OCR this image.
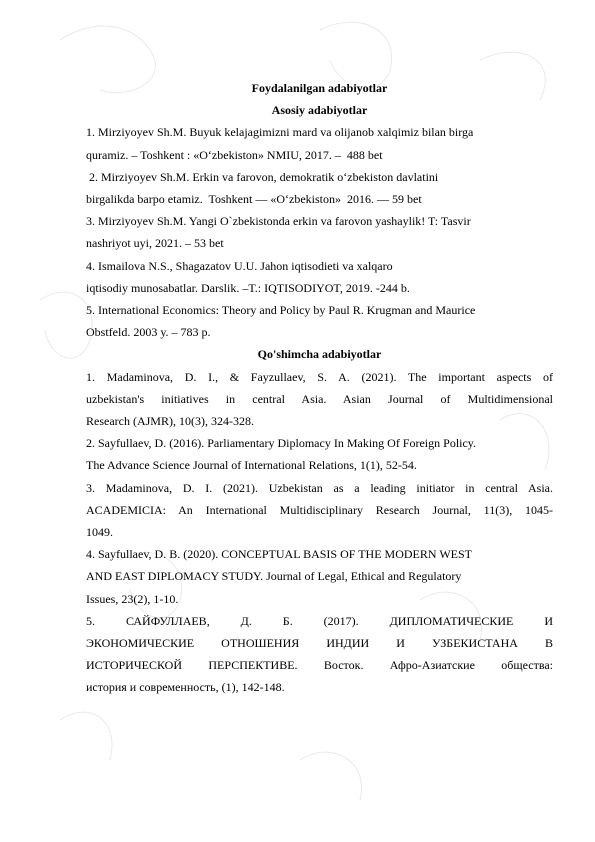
Foydalanilgan adabiyotlar

Asosiy adabiyotlar

1. Mirziyoyev Sh.M. Buyuk kelajagimizni mard va olijanob xalqimiz bilan birga
quramiz. – Toshkent : «O‘zbekiston» NMIU, 2017. –  488 bet

2. Mirziyoyev Sh.M. Erkin va farovon, demokratik o‘zbekiston davlatini
birgalikda barpo etamiz.  Toshkent — «O‘zbekiston»  2016. — 59 bet

3. Mirziyoyev Sh.M. Yangi O`zbekistonda erkin va farovon yashaylik! T: Tasvir
nashriyot uyi, 2021. – 53 bet

4. Ismailova N.S., Shagazatov U.U. Jahon iqtisodieti va xalqaro
iqtisodiy munosabatlar. Darslik. –T.: IQTISODIYOT, 2019. -244 b.

5. International Economics: Theory and Policy by Paul R. Krugman and Maurice
Obstfeld. 2003 y. – 783 p.

Qo'shimcha adabiyotlar

1. Madaminova, D. I., & Fayzullaev, S. A. (2021). The important aspects of
uzbekistan's initiatives in central Asia. Asian Journal of Multidimensional
Research (AJMR), 10(3), 324-328.

2. Sayfullaev, D. (2016). Parliamentary Diplomacy In Making Of Foreign Policy.
The Advance Science Journal of International Relations, 1(1), 52-54.

3. Madaminova, D. I. (2021). Uzbekistan as a leading initiator in central Asia.
ACADEMICIA: An International Multidisciplinary Research Journal, 11(3), 1045-
1049.

4. Sayfullaev, D. B. (2020). CONCEPTUAL BASIS OF THE MODERN WEST
AND EAST DIPLOMACY STUDY. Journal of Legal, Ethical and Regulatory
Issues, 23(2), 1-10.

5. САЙФУЛЛАЕВ, Д. Б. (2017). ДИПЛОМАТИЧЕСКИЕ И
ЭКОНОМИЧЕСКИЕ ОТНОШЕНИЯ ИНДИИ И УЗБЕКИСТАНА В
ИСТОРИЧЕСКОЙ ПЕРСПЕКТИВЕ. Восток. Афро-Азиатские общества:
история и современность, (1), 142-148.
